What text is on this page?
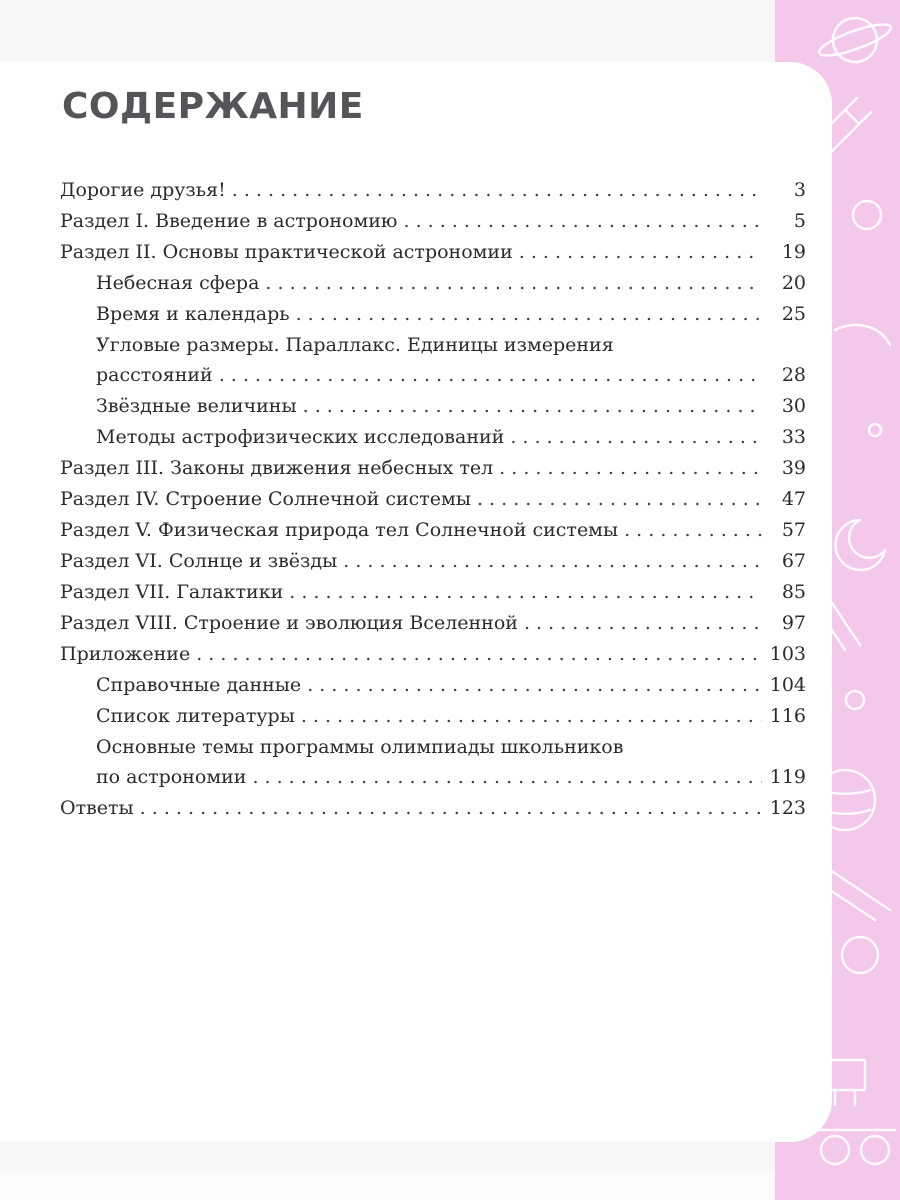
СОДЕРЖАНИЕ
Дорогие друзья! . . .	3
Раздел I. Введение в астрономию . . .	5
Раздел II. Основы практической астрономии . . .	19
Небесная сфера . . .	20
Время и календарь . . .	25
Угловые размеры. Параллакс. Единицы измерения
расстояний . . .	28
Звёздные величины . . .	30
Методы астрофизических исследований . . .	33
Раздел III. Законы движения небесных тел . . .	39
Раздел IV. Строение Солнечной системы . . .	47
Раздел V. Физическая природа тел Солнечной системы . . .	57
Раздел VI. Солнце и звёзды . . .	67
Раздел VII. Галактики . . .	85
Раздел VIII. Строение и эволюция Вселенной . . .	97
Приложение . . .	103
Справочные данные . . .	104
Список литературы . . .	116
Основные темы программы олимпиады школьников
по астрономии . . .	119
Ответы . . .	123
